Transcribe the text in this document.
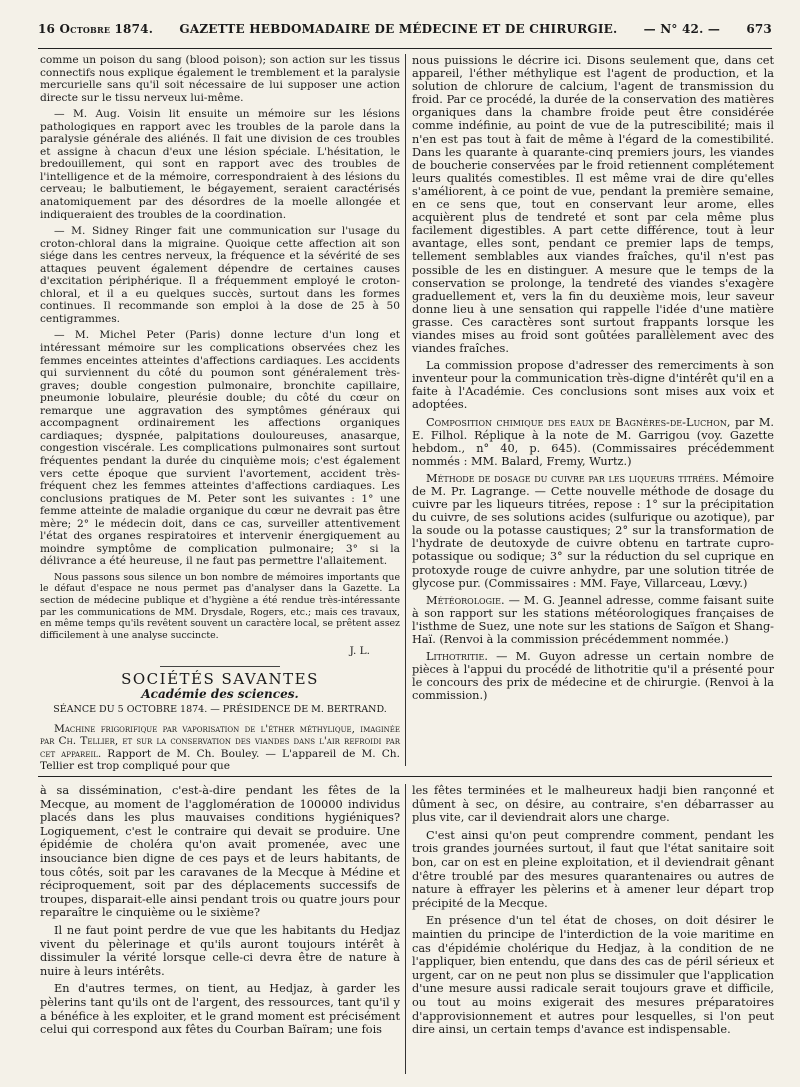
16 Octobre 1874. GAZETTE HEBDOMADAIRE DE MÉDECINE ET DE CHIRURGIE. — N° 42. — 673

comme un poison du sang (blood poison); son action sur les tissus connectifs nous explique également le tremblement et la paralysie mercurielle sans qu'il soit nécessaire de lui supposer une action directe sur le tissu nerveux lui-même.

— M. Aug. Voisin lit ensuite un mémoire sur les lésions pathologiques en rapport avec les troubles de la parole dans la paralysie générale des aliénés. Il fait une division de ces troubles et assigne à chacun d'eux une lésion spéciale. L'hésitation, le bredouillement, qui sont en rapport avec des troubles de l'intelligence et de la mémoire, correspondraient à des lésions du cerveau; le balbutiement, le bégayement, seraient caractérisés anatomiquement par des désordres de la moelle allongée et indiqueraient des troubles de la coordination.

— M. Sidney Ringer fait une communication sur l'usage du croton-chloral dans la migraine. Quoique cette affection ait son siége dans les centres nerveux, la fréquence et la sévérité de ses attaques peuvent également dépendre de certaines causes d'excitation périphérique. Il a fréquemment employé le croton-chloral, et il a eu quelques succès, surtout dans les formes continues. Il recommande son emploi à la dose de 25 à 50 centigrammes.

— M. Michel Peter (Paris) donne lecture d'un long et intéressant mémoire sur les complications observées chez les femmes enceintes atteintes d'affections cardiaques. Les accidents qui surviennent du côté du poumon sont généralement très-graves; double congestion pulmonaire, bronchite capillaire, pneumonie lobulaire, pleurésie double; du côté du cœur on remarque une aggravation des symptômes généraux qui accompagnent ordinairement les affections organiques cardiaques; dyspnée, palpitations douloureuses, anasarque, congestion viscérale. Les complications pulmonaires sont surtout fréquentes pendant la durée du cinquième mois; c'est également vers cette époque que survient l'avortement, accident très-fréquent chez les femmes atteintes d'affections cardiaques. Les conclusions pratiques de M. Peter sont les suivantes : 1° une femme atteinte de maladie organique du cœur ne devrait pas être mère; 2° le médecin doit, dans ce cas, surveiller attentivement l'état des organes respiratoires et intervenir énergiquement au moindre symptôme de complication pulmonaire; 3° si la délivrance a été heureuse, il ne faut pas permettre l'allaitement.

Nous passons sous silence un bon nombre de mémoires importants que le défaut d'espace ne nous permet pas d'analyser dans la Gazette. La section de médecine publique et d'hygiène a été rendue très-intéressante par les communications de MM. Drysdale, Rogers, etc.; mais ces travaux, en même temps qu'ils revêtent souvent un caractère local, se prêtent assez difficilement à une analyse succincte.

J. L.
SOCIÉTÉS SAVANTES
Académie des sciences.
SÉANCE DU 5 OCTOBRE 1874. — PRÉSIDENCE DE M. BERTRAND.

Machine frigorifique par vaporisation de l'éther méthylique, imaginée par Ch. Tellier, et sur la conservation des viandes dans l'air refroidi par cet appareil. Rapport de M. Ch. Bouley. — L'appareil de M. Ch. Tellier est trop compliqué pour que

nous puissions le décrire ici. Disons seulement que, dans cet appareil, l'éther méthylique est l'agent de production, et la solution de chlorure de calcium, l'agent de transmission du froid. Par ce procédé, la durée de la conservation des matières organiques dans la chambre froide peut être considérée comme indéfinie, au point de vue de la putrescibilité; mais il n'en est pas tout à fait de même à l'égard de la comestibilité. Dans les quarante à quarante-cinq premiers jours, les viandes de boucherie conservées par le froid retiennent complétement leurs qualités comestibles. Il est même vrai de dire qu'elles s'améliorent, à ce point de vue, pendant la première semaine, en ce sens que, tout en conservant leur arome, elles acquièrent plus de tendreté et sont par cela même plus facilement digestibles. A part cette différence, tout à leur avantage, elles sont, pendant ce premier laps de temps, tellement semblables aux viandes fraîches, qu'il n'est pas possible de les en distinguer. A mesure que le temps de la conservation se prolonge, la tendreté des viandes s'exagère graduellement et, vers la fin du deuxième mois, leur saveur donne lieu à une sensation qui rappelle l'idée d'une matière grasse. Ces caractères sont surtout frappants lorsque les viandes mises au froid sont goûtées parallèlement avec des viandes fraîches.

La commission propose d'adresser des remerciments à son inventeur pour la communication très-digne d'intérêt qu'il en a faite à l'Académie. Ces conclusions sont mises aux voix et adoptées.

Composition chimique des eaux de Bagnères-de-Luchon, par M. E. Filhol. Réplique à la note de M. Garrigou (voy. Gazette hebdom., n° 40, p. 645). (Commissaires précédemment nommés : MM. Balard, Fremy, Wurtz.)

Méthode de dosage du cuivre par les liqueurs titrées. Mémoire de M. Pr. Lagrange. — Cette nouvelle méthode de dosage du cuivre par les liqueurs titrées, repose : 1° sur la précipitation du cuivre, de ses solutions acides (sulfurique ou azotique), par la soude ou la potasse caustiques; 2° sur la transformation de l'hydrate de deutoxyde de cuivre obtenu en tartrate cupro-potassique ou sodique; 3° sur la réduction du sel cuprique en protoxyde rouge de cuivre anhydre, par une solution titrée de glycose pur. (Commissaires : MM. Faye, Villarceau, Lœvy.)

Météorologie. — M. G. Jeannel adresse, comme faisant suite à son rapport sur les stations météorologiques françaises de l'isthme de Suez, une note sur les stations de Saïgon et Shang-Haï. (Renvoi à la commission précédemment nommée.)

Lithotritie. — M. Guyon adresse un certain nombre de pièces à l'appui du procédé de lithotritie qu'il a présenté pour le concours des prix de médecine et de chirurgie. (Renvoi à la commission.)

à sa dissémination, c'est-à-dire pendant les fêtes de la Mecque, au moment de l'agglomération de 100000 individus placés dans les plus mauvaises conditions hygiéniques? Logiquement, c'est le contraire qui devait se produire. Une épidémie de choléra qu'on avait promenée, avec une insouciance bien digne de ces pays et de leurs habitants, de tous côtés, soit par les caravanes de la Mecque à Médine et réciproquement, soit par des déplacements successifs de troupes, disparait-elle ainsi pendant trois ou quatre jours pour reparaître le cinquième ou le sixième?

Il ne faut point perdre de vue que les habitants du Hedjaz vivent du pèlerinage et qu'ils auront toujours intérêt à dissimuler la vérité lorsque celle-ci devra être de nature à nuire à leurs intérêts.

En d'autres termes, on tient, au Hedjaz, à garder les pèlerins tant qu'ils ont de l'argent, des ressources, tant qu'il y a bénéfice à les exploiter, et le grand moment est précisément celui qui correspond aux fêtes du Courban Baïram; une fois

les fêtes terminées et le malheureux hadji bien rançonné et dûment à sec, on désire, au contraire, s'en débarrasser au plus vite, car il deviendrait alors une charge.

C'est ainsi qu'on peut comprendre comment, pendant les trois grandes journées surtout, il faut que l'état sanitaire soit bon, car on est en pleine exploitation, et il deviendrait gênant d'être troublé par des mesures quarantenaires ou autres de nature à effrayer les pèlerins et à amener leur départ trop précipité de la Mecque.

En présence d'un tel état de choses, on doit désirer le maintien du principe de l'interdiction de la voie maritime en cas d'épidémie cholérique du Hedjaz, à la condition de ne l'appliquer, bien entendu, que dans des cas de péril sérieux et urgent, car on ne peut non plus se dissimuler que l'application d'une mesure aussi radicale serait toujours grave et difficile, ou tout au moins exigerait des mesures préparatoires d'approvisionnement et autres pour lesquelles, si l'on peut dire ainsi, un certain temps d'avance est indispensable.
